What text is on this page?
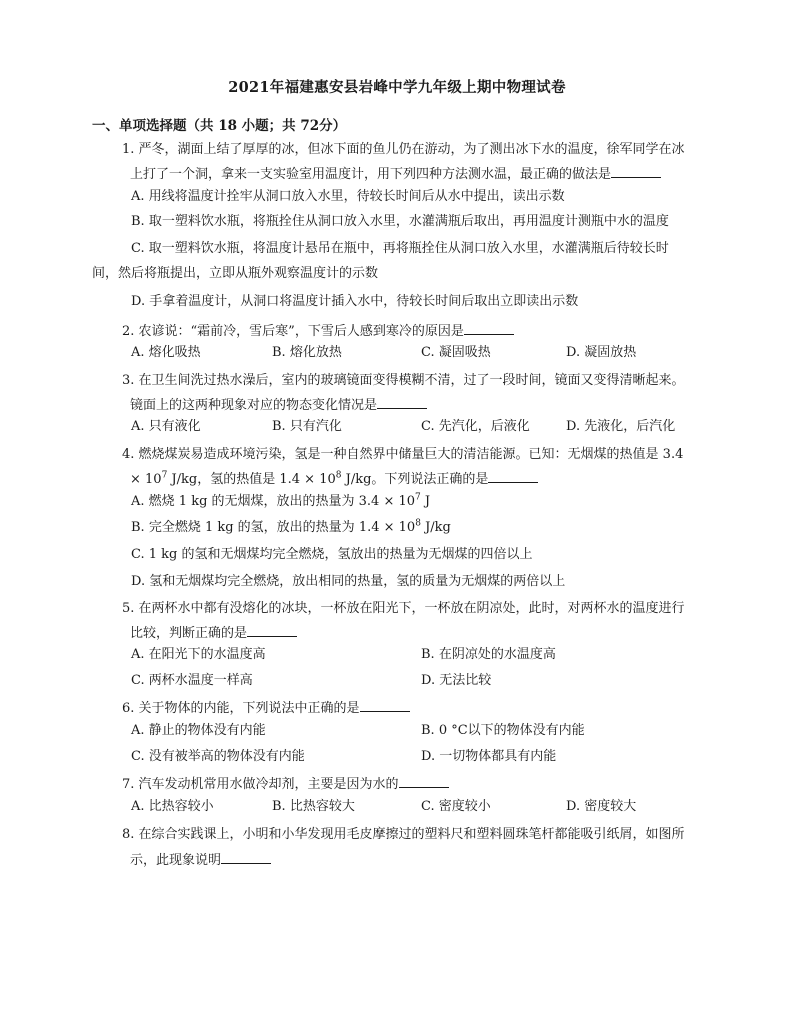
2021年福建惠安县岩峰中学九年级上期中物理试卷
一、单项选择题（共 18 小题；共 72分）
1. 严冬，湖面上结了厚厚的冰，但冰下面的鱼儿仍在游动，为了测出冰下水的温度，徐军同学在冰
上打了一个洞，拿来一支实验室用温度计，用下列四种方法测水温，最正确的做法是
A. 用线将温度计拴牢从洞口放入水里，待较长时间后从水中提出，读出示数
B. 取一塑料饮水瓶，将瓶拴住从洞口放入水里，水灌满瓶后取出，再用温度计测瓶中水的温度
C. 取一塑料饮水瓶，将温度计悬吊在瓶中，再将瓶拴住从洞口放入水里，水灌满瓶后待较长时
间，然后将瓶提出，立即从瓶外观察温度计的示数
D. 手拿着温度计，从洞口将温度计插入水中，待较长时间后取出立即读出示数
2. 农谚说：“霜前冷，雪后寒”，下雪后人感到寒冷的原因是
A. 熔化吸热	B. 熔化放热	C. 凝固吸热	D. 凝固放热
3. 在卫生间洗过热水澡后，室内的玻璃镜面变得模糊不清，过了一段时间，镜面又变得清晰起来。
镜面上的这两种现象对应的物态变化情况是
A. 只有液化	B. 只有汽化	C. 先汽化，后液化	D. 先液化，后汽化
4. 燃烧煤炭易造成环境污染，氢是一种自然界中储量巨大的清洁能源。已知：无烟煤的热值是 3.4
× $10^7$ J/kg，氢的热值是 $1.4 \times 10^8$ J/kg。下列说法正确的是
A. 燃烧 1 kg 的无烟煤，放出的热量为 $3.4 \times 10^7$ J
B. 完全燃烧 1 kg 的氢，放出的热量为 $1.4 \times 10^8$ J/kg
C. 1 kg 的氢和无烟煤均完全燃烧，氢放出的热量为无烟煤的四倍以上
D. 氢和无烟煤均完全燃烧，放出相同的热量，氢的质量为无烟煤的两倍以上
5. 在两杯水中都有没熔化的冰块，一杯放在阳光下，一杯放在阴凉处，此时，对两杯水的温度进行
比较，判断正确的是
A. 在阳光下的水温度高	B. 在阴凉处的水温度高
C. 两杯水温度一样高	D. 无法比较
6. 关于物体的内能，下列说法中正确的是
A. 静止的物体没有内能	B. 0 °C以下的物体没有内能
C. 没有被举高的物体没有内能	D. 一切物体都具有内能
7. 汽车发动机常用水做冷却剂，主要是因为水的
A. 比热容较小	B. 比热容较大	C. 密度较小	D. 密度较大
8. 在综合实践课上，小明和小华发现用毛皮摩擦过的塑料尺和塑料圆珠笔杆都能吸引纸屑，如图所
示，此现象说明
